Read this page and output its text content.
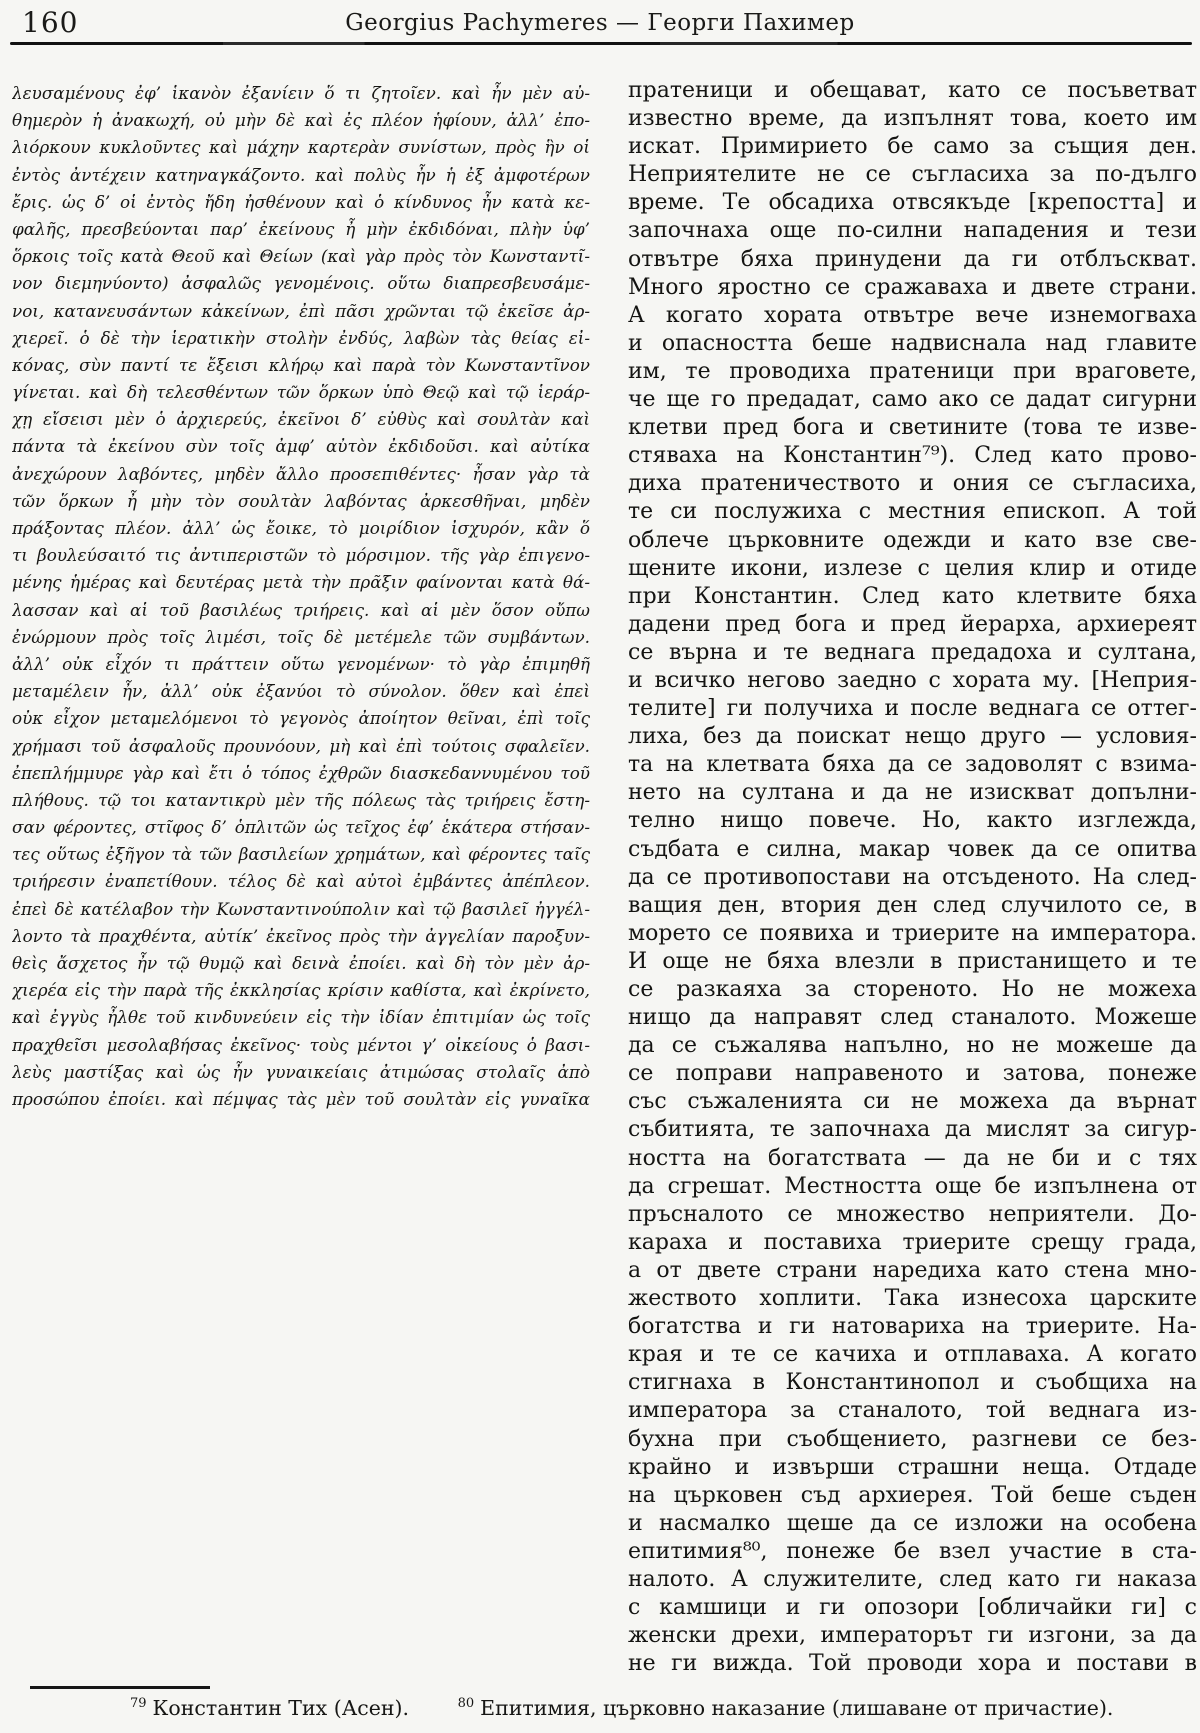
160	Georgius Pachymeres — Георги Пахимер
λευσαμένους ἐφ’ ἱκανὸν ἐξανίειν ὅ τι ζητοῖεν. καὶ ἦν μὲν αὐ-
θημερὸν ἡ ἀνακωχή, οὐ μὴν δὲ καὶ ἐς πλέον ἡφίουν, ἀλλ’ ἐπο-
λιόρκουν κυκλοῦντες καὶ μάχην καρτερὰν συνίστων, πρὸς ἣν οἱ
ἐντὸς ἀντέχειν κατηναγκάζοντο. καὶ πολὺς ἦν ἡ ἐξ ἀμφοτέρων
ἔρις. ὡς δ’ οἱ ἐντὸς ἤδη ἠσθένουν καὶ ὁ κίνδυνος ἦν κατὰ κε-
φαλῆς, πρεσβεύονται παρ’ ἐκείνους ἦ μὴν ἐκδιδόναι, πλὴν ὑφ’
ὅρκοις τοῖς κατὰ Θεοῦ καὶ Θείων (καὶ γὰρ πρὸς τὸν Κωνσταντῖ-
νον διεμηνύοντο) ἀσφαλῶς γενομένοις. οὕτω διαπρεσβευσάμε-
νοι, κατανευσάντων κἀκείνων, ἐπὶ πᾶσι χρῶνται τῷ ἐκεῖσε ἀρ-
χιερεῖ. ὁ δὲ τὴν ἱερατικὴν στολὴν ἐνδύς, λαβὼν τὰς θείας εἰ-
κόνας, σὺν παντί τε ἔξεισι κλήρῳ καὶ παρὰ τὸν Κωνσταντῖνον
γίνεται. καὶ δὴ τελεσθέντων τῶν ὅρκων ὑπὸ Θεῷ καὶ τῷ ἱεράρ-
χῃ εἴσεισι μὲν ὁ ἀρχιερεύς, ἐκεῖνοι δ’ εὐθὺς καὶ σουλτὰν καὶ
πάντα τὰ ἐκείνου σὺν τοῖς ἀμφ’ αὐτὸν ἐκδιδοῦσι. καὶ αὐτίκα
ἀνεχώρουν λαβόντες, μηδὲν ἄλλο προσεπιθέντες· ἦσαν γὰρ τὰ
τῶν ὅρκων ἦ μὴν τὸν σουλτὰν λαβόντας ἀρκεσθῆναι, μηδὲν
πράξοντας πλέον. ἀλλ’ ὡς ἔοικε, τὸ μοιρίδιον ἰσχυρόν, κἂν ὅ
τι βουλεύσαιτό τις ἀντιπεριστῶν τὸ μόρσιμον. τῆς γὰρ ἐπιγενο-
μένης ἡμέρας καὶ δευτέρας μετὰ τὴν πρᾶξιν φαίνονται κατὰ θά-
λασσαν καὶ αἱ τοῦ βασιλέως τριήρεις. καὶ αἱ μὲν ὅσον οὔπω
ἐνώρμουν πρὸς τοῖς λιμέσι, τοῖς δὲ μετέμελε τῶν συμβάντων.
ἀλλ’ οὐκ εἶχόν τι πράττειν οὕτω γενομένων· τὸ γὰρ ἐπιμηθῆ
μεταμέλειν ἦν, ἀλλ’ οὐκ ἐξανύοι τὸ σύνολον. ὅθεν καὶ ἐπεὶ
οὐκ εἶχον μεταμελόμενοι τὸ γεγονὸς ἀποίητον θεῖναι, ἐπὶ τοῖς
χρήμασι τοῦ ἀσφαλοῦς προυνόουν, μὴ καὶ ἐπὶ τούτοις σφαλεῖεν.
ἐπεπλήμμυρε γὰρ καὶ ἔτι ὁ τόπος ἐχθρῶν διασκεδαννυμένου τοῦ
πλήθους. τῷ τοι καταντικρὺ μὲν τῆς πόλεως τὰς τριήρεις ἔστη-
σαν φέροντες, στῖφος δ’ ὁπλιτῶν ὡς τεῖχος ἐφ’ ἑκάτερα στήσαν-
τες οὕτως ἐξῆγον τὰ τῶν βασιλείων χρημάτων, καὶ φέροντες ταῖς
τριήρεσιν ἐναπετίθουν. τέλος δὲ καὶ αὐτοὶ ἐμβάντες ἀπέπλεον.
ἐπεὶ δὲ κατέλαβον τὴν Κωνσταντινούπολιν καὶ τῷ βασιλεῖ ἠγγέλ-
λοντο τὰ πραχθέντα, αὐτίκ’ ἐκεῖνος πρὸς τὴν ἀγγελίαν παροξυν-
θεὶς ἄσχετος ἦν τῷ θυμῷ καὶ δεινὰ ἐποίει. καὶ δὴ τὸν μὲν ἀρ-
χιερέα εἰς τὴν παρὰ τῆς ἐκκλησίας κρίσιν καθίστα, καὶ ἐκρίνετο,
καὶ ἐγγὺς ἦλθε τοῦ κινδυνεύειν εἰς τὴν ἰδίαν ἐπιτιμίαν ὡς τοῖς
πραχθεῖσι μεσολαβήσας ἐκεῖνος· τοὺς μέντοι γ’ οἰκείους ὁ βασι-
λεὺς μαστίξας καὶ ὡς ἦν γυναικείαις ἀτιμώσας στολαῖς ἀπὸ
προσώπου ἐποίει. καὶ πέμψας τὰς μὲν τοῦ σουλτὰν εἰς γυναῖκα
пратеници и обещават, като се посъветват
известно време, да изпълнят това, което им
искат. Примирието бе само за същия ден.
Неприятелите не се съгласиха за по-дълго
време. Те обсадиха отвсякъде [крепостта] и
започнаха още по-силни нападения и тези
отвътре бяха принудени да ги отблъскват.
Много яростно се сражаваха и двете страни.
А когато хората отвътре вече изнемогваха
и опасността беше надвиснала над главите
им, те проводиха пратеници при враговете,
че ще го предадат, само ако се дадат сигурни
клетви пред бога и светините (това те изве-
стяваха на Константин⁷⁹). След като прово-
диха пратеничеството и ония се съгласиха,
те си послужиха с местния епископ. А той
облече църковните одежди и като взе све-
щените икони, излезе с целия клир и отиде
при Константин. След като клетвите бяха
дадени пред бога и пред йерарха, архиереят
се върна и те веднага предадоха и султана,
и всичко негово заедно с хората му. [Неприя-
телите] ги получиха и после веднага се оттег-
лиха, без да поискат нещо друго — условия-
та на клетвата бяха да се задоволят с взима-
нето на султана и да не изискват допълни-
телно нищо повече. Но, както изглежда,
съдбата е силна, макар човек да се опитва
да се противопостави на отсъденото. На след-
ващия ден, втория ден след случилото се, в
морето се появиха и триерите на императора.
И още не бяха влезли в пристанището и те
се разкаяха за стореното. Но не можеха
нищо да направят след станалото. Можеше
да се съжалява напълно, но не можеше да
се поправи направеното и затова, понеже
със съжаленията си не можеха да върнат
събитията, те започнаха да мислят за сигур-
ността на богатствата — да не би и с тях
да сгрешат. Местността още бе изпълнена от
пръсналото се множество неприятели. До-
караха и поставиха триерите срещу града,
а от двете страни наредиха като стена мно-
жеството хоплити. Така изнесоха царските
богатства и ги натовариха на триерите. На-
края и те се качиха и отплаваха. А когато
стигнаха в Константинопол и съобщиха на
императора за станалото, той веднага из-
бухна при съобщението, разгневи се без-
крайно и извърши страшни неща. Отдаде
на църковен съд архиерея. Той беше съден
и насмалко щеше да се изложи на особена
епитимия⁸⁰, понеже бе взел участие в ста-
налото. А служителите, след като ги наказа
с камшици и ги опозори [обличайки ги] с
женски дрехи, императорът ги изгони, за да
не ги вижда. Той проводи хора и постави в
$^{79}$ Константин Тих (Асен).	$^{80}$ Епитимия, църковно наказание (лишаване от причастие).
